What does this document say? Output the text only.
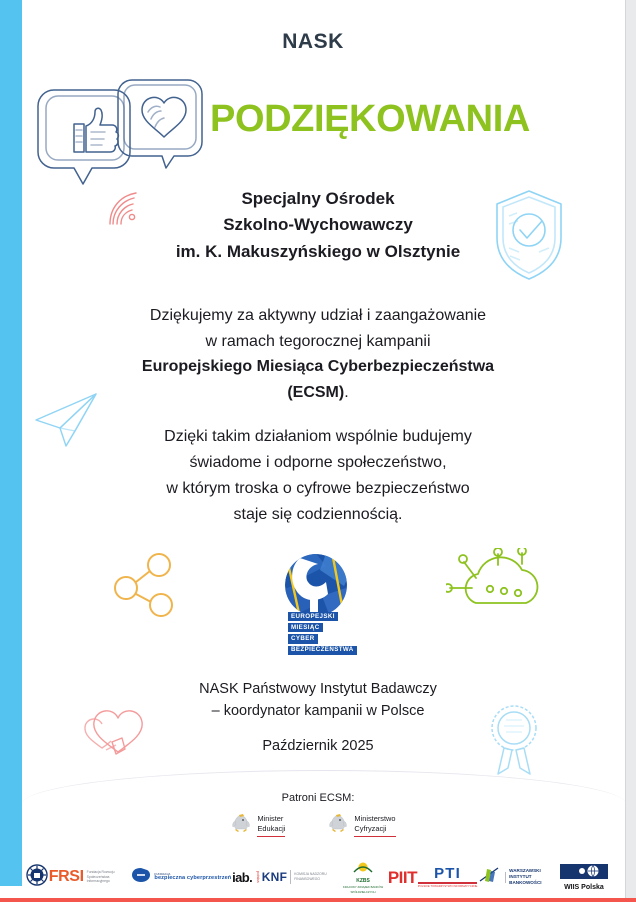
NASK
PODZIĘKOWANIA
Specjalny Ośrodek
Szkolno-Wychowawczy
im. K. Makuszyńskiego w Olsztynie
Dziękujemy za aktywny udział i zaangażowanie
w ramach tegorocznej kampanii
Europejskiego Miesiąca Cyberbezpieczeństwa
(ECSM).
Dzięki takim działaniom wspólnie budujemy
świadome i odporne społeczeństwo,
w którym troska o cyfrowe bezpieczeństwo
staje się codziennością.
EUROPEJSKI
MIESIĄC
CYBER
BEZPIECZEŃSTWA
NASK Państwowy Instytut Badawczy
– koordynator kampanii w Polsce
Październik 2025
Patroni ECSM:
Minister
Edukacji
Ministerstwo
Cyfryzacji
FRSI Fundacja Rozwoju Społeczeństwa Informacyjnego
FUNDACJA
bezpieczna cyberprzestrzeń iab. polska KNF KOMISJA NADZORU FINANSOWEGO	KZBS
KRAJOWY ZWIĄZEK BANKÓW SPÓŁDZIELCZYCH
PIIT PTI
POLSKIE TOWARZYSTWO INFORMATYCZNE
WARSZAWSKI INSTYTUT BANKOWOŚCI
WIIS Polska
